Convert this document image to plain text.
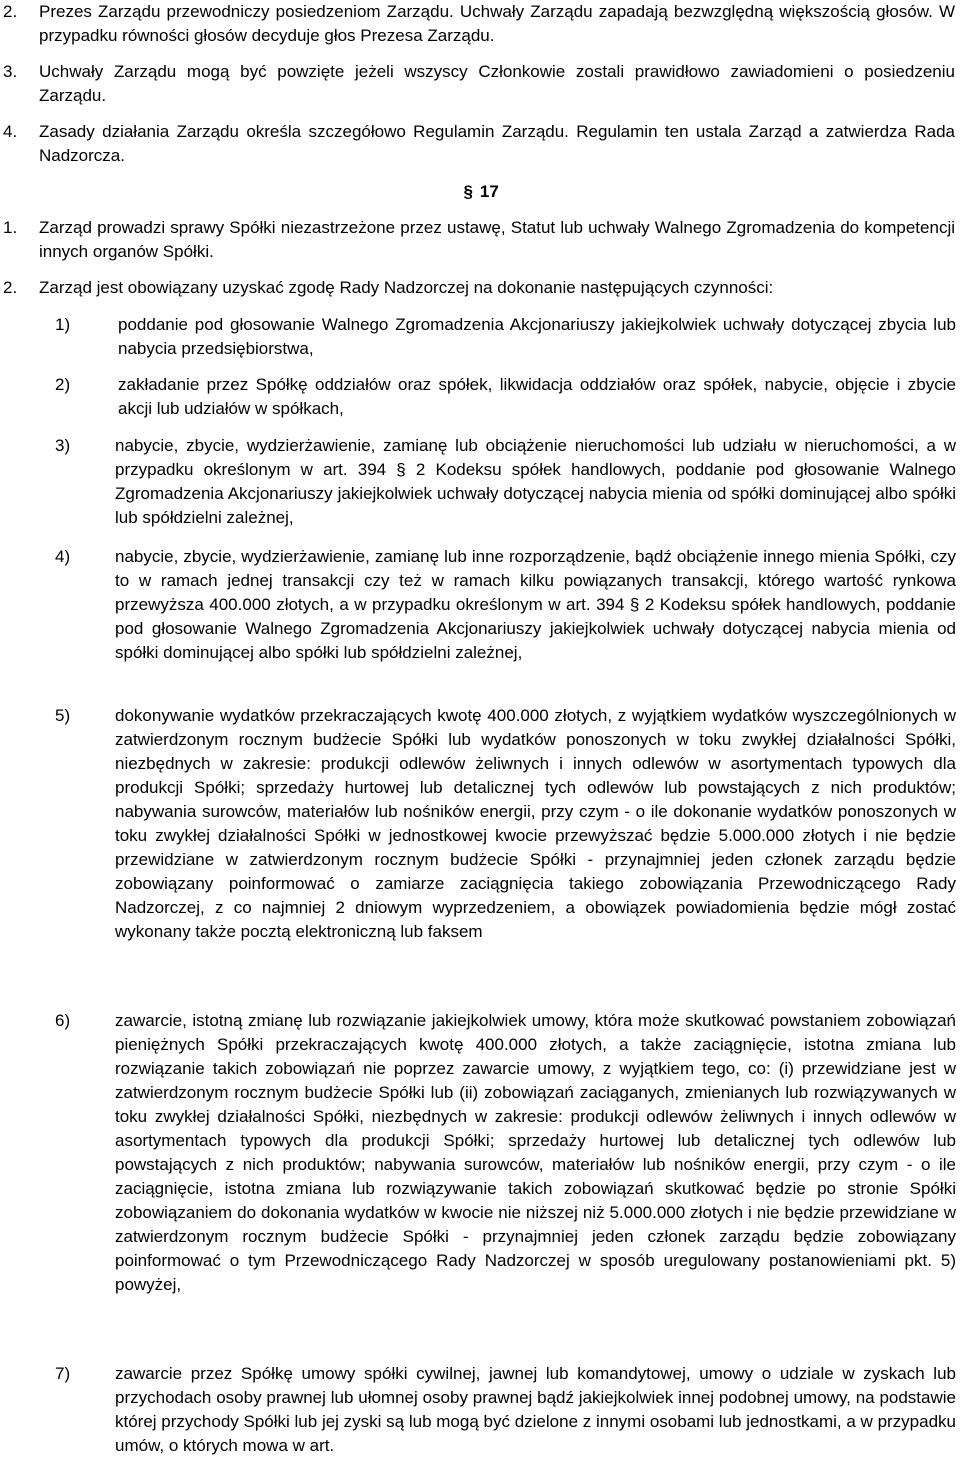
2. Prezes Zarządu przewodniczy posiedzeniom Zarządu. Uchwały Zarządu zapadają bezwzględną większością głosów. W przypadku równości głosów decyduje głos Prezesa Zarządu.
3. Uchwały Zarządu mogą być powzięte jeżeli wszyscy Członkowie zostali prawidłowo zawiadomieni o posiedzeniu Zarządu.
4. Zasady działania Zarządu określa szczegółowo Regulamin Zarządu. Regulamin ten ustala Zarząd a zatwierdza Rada Nadzorcza.
§ 17
1. Zarząd prowadzi sprawy Spółki niezastrzeżone przez ustawę, Statut lub uchwały Walnego Zgromadzenia do kompetencji innych organów Spółki.
2. Zarząd jest obowiązany uzyskać zgodę Rady Nadzorczej na dokonanie następujących czynności:
1)	poddanie pod głosowanie Walnego Zgromadzenia Akcjonariuszy jakiejkolwiek uchwały dotyczącej zbycia lub nabycia przedsiębiorstwa,
2)	zakładanie przez Spółkę oddziałów oraz spółek, likwidacja oddziałów oraz spółek, nabycie, objęcie i zbycie akcji lub udziałów w spółkach,
3)	nabycie, zbycie, wydzierżawienie, zamianę lub obciążenie nieruchomości lub udziału w nieruchomości, a w przypadku określonym w art. 394 § 2 Kodeksu spółek handlowych, poddanie pod głosowanie Walnego Zgromadzenia Akcjonariuszy jakiejkolwiek uchwały dotyczącej nabycia mienia od spółki dominującej albo spółki lub spółdzielni zależnej,
4)	nabycie, zbycie, wydzierżawienie, zamianę lub inne rozporządzenie, bądź obciążenie innego mienia Spółki, czy to w ramach jednej transakcji czy też w ramach kilku powiązanych transakcji, którego wartość rynkowa przewyższa 400.000 złotych, a w przypadku określonym w art. 394 § 2 Kodeksu spółek handlowych, poddanie pod głosowanie Walnego Zgromadzenia Akcjonariuszy jakiejkolwiek uchwały dotyczącej nabycia mienia od spółki dominującej albo spółki lub spółdzielni zależnej,
5)	dokonywanie wydatków przekraczających kwotę 400.000 złotych, z wyjątkiem wydatków wyszczególnionych w zatwierdzonym rocznym budżecie Spółki lub wydatków ponoszonych w toku zwykłej działalności Spółki, niezbędnych w zakresie: produkcji odlewów żeliwnych i innych odlewów w asortymentach typowych dla produkcji Spółki; sprzedaży hurtowej lub detalicznej tych odlewów lub powstających z nich produktów; nabywania surowców, materiałów lub nośników energii, przy czym - o ile dokonanie wydatków ponoszonych w toku zwykłej działalności Spółki w jednostkowej kwocie przewyższać będzie 5.000.000 złotych i nie będzie przewidziane w zatwierdzonym rocznym budżecie Spółki - przynajmniej jeden członek zarządu będzie zobowiązany poinformować o zamiarze zaciągnięcia takiego zobowiązania Przewodniczącego Rady Nadzorczej, z co najmniej 2 dniowym wyprzedzeniem, a obowiązek powiadomienia będzie mógł zostać wykonany także pocztą elektroniczną lub faksem
6)	zawarcie, istotną zmianę lub rozwiązanie jakiejkolwiek umowy, która może skutkować powstaniem zobowiązań pieniężnych Spółki przekraczających kwotę 400.000 złotych, a także zaciągnięcie, istotna zmiana lub rozwiązanie takich zobowiązań nie poprzez zawarcie umowy, z wyjątkiem tego, co: (i) przewidziane jest w zatwierdzonym rocznym budżecie Spółki lub (ii) zobowiązań zaciąganych, zmienianych lub rozwiązywanych w toku zwykłej działalności Spółki, niezbędnych w zakresie: produkcji odlewów żeliwnych i innych odlewów w asortymentach typowych dla produkcji Spółki; sprzedaży hurtowej lub detalicznej tych odlewów lub powstających z nich produktów; nabywania surowców, materiałów lub nośników energii, przy czym - o ile zaciągnięcie, istotna zmiana lub rozwiązywanie takich zobowiązań skutkować będzie po stronie Spółki zobowiązaniem do dokonania wydatków w kwocie nie niższej niż 5.000.000 złotych i nie będzie przewidziane w zatwierdzonym rocznym budżecie Spółki - przynajmniej jeden członek zarządu będzie zobowiązany poinformować o tym Przewodniczącego Rady Nadzorczej w sposób uregulowany postanowieniami pkt. 5) powyżej,
7)	zawarcie przez Spółkę umowy spółki cywilnej, jawnej lub komandytowej, umowy o udziale w zyskach lub przychodach osoby prawnej lub ułomnej osoby prawnej bądź jakiejkolwiek innej podobnej umowy, na podstawie której przychody Spółki lub jej zyski są lub mogą być dzielone z innymi osobami lub jednostkami, a w przypadku umów, o których mowa w art.
